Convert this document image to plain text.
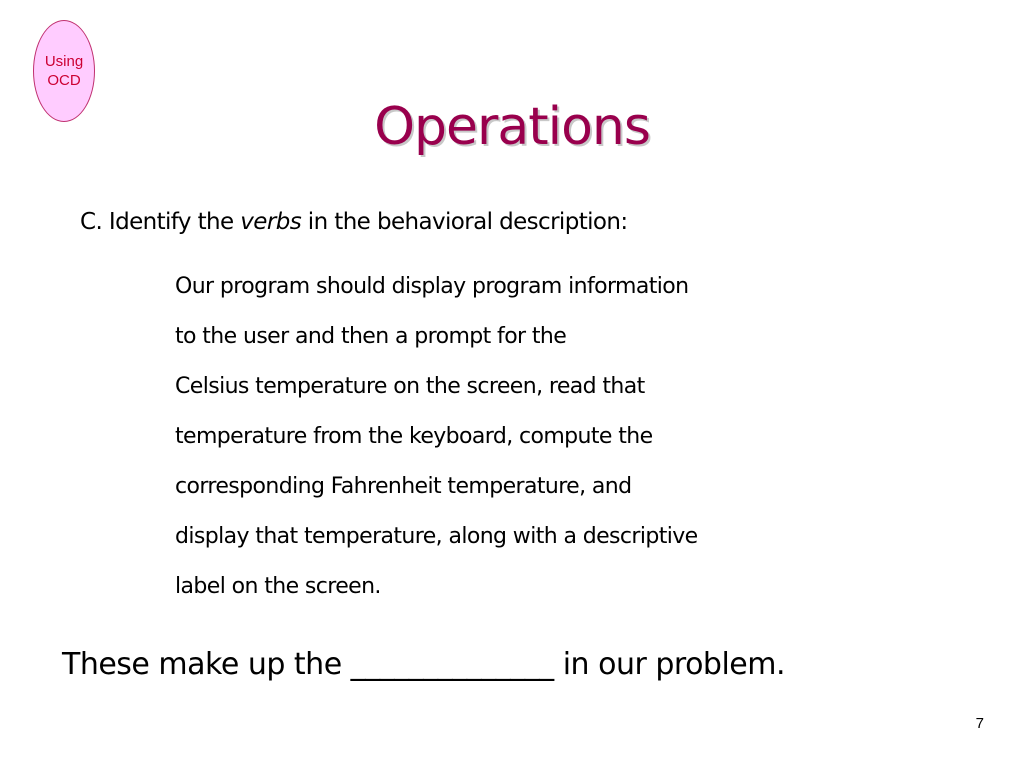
Using
OCD
Operations
C. Identify the verbs in the behavioral description:
Our program should display program information
to the user and then a prompt for the
Celsius temperature on the screen, read that
temperature from the keyboard, compute the
corresponding Fahrenheit temperature, and
display that temperature, along with a descriptive
label on the screen.
These make up the ______________ in our problem.
7
